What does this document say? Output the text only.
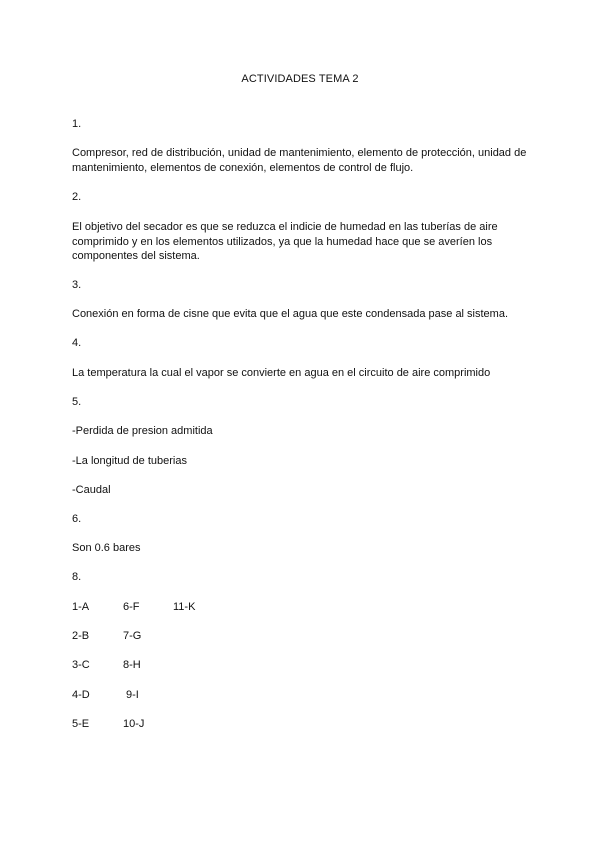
ACTIVIDADES TEMA 2
1.
Compresor, red de distribución, unidad de mantenimiento, elemento de protección, unidad de mantenimiento, elementos de conexión, elementos de control de flujo.
2.
El objetivo del secador es que se reduzca el indicie de humedad en las tuberías de aire comprimido y en los elementos utilizados, ya que la humedad hace que se averíen los componentes del sistema.
3.
Conexión en forma de cisne que evita que el agua que este condensada pase al sistema.
4.
La temperatura la cual el vapor se convierte en agua en el circuito de aire comprimido
5.
-Perdida de presion admitida
-La longitud de tuberias
-Caudal
6.
Son 0.6 bares
8.
1-A	6-F	11-K
2-B	7-G
3-C	8-H
4-D	9-I
5-E	10-J
